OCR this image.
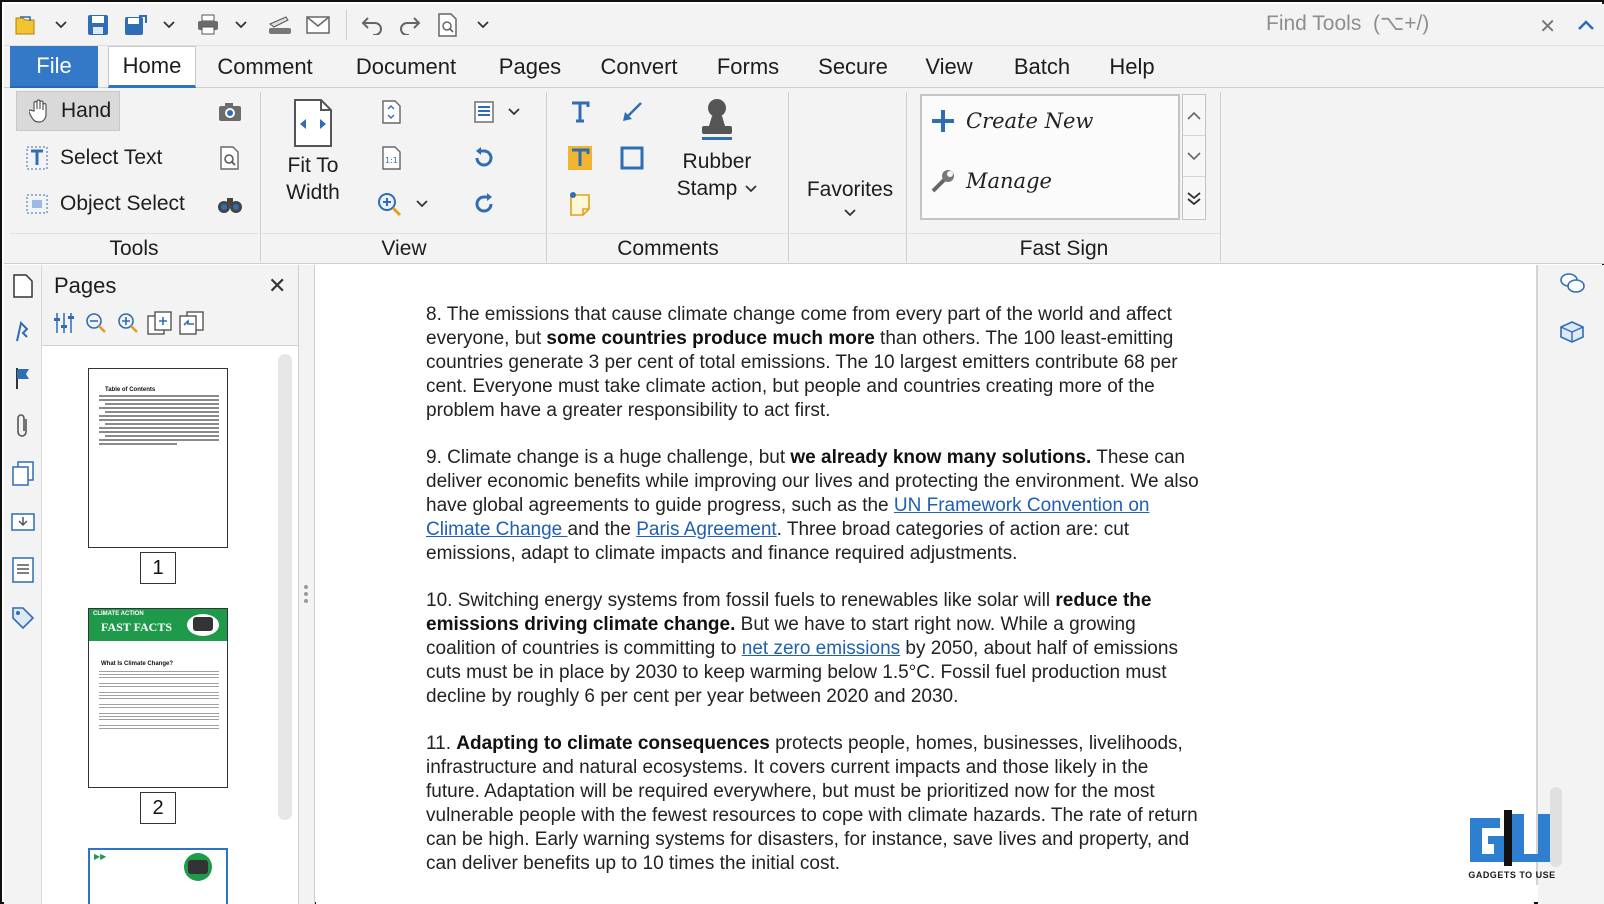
Find Tools (⌥+/)
✕
File	Home	Comment	Document	Pages	Convert	Forms	Secure	View	Batch	Help
Hand
Select Text
Object Select
Tools
Fit To
Width
1:1
View
Rubber
Stamp
Comments
Favorites
Create New
Manage
Fast Sign
Pages	✕
Table of Contents
1
CLIMATE ACTION
FAST FACTS
What Is Climate Change?
2
▶▶

8. The emissions that cause climate change come from every part of the world and affect everyone, but some countries produce much more than others. The 100 least-emitting countries generate 3 per cent of total emissions. The 10 largest emitters contribute 68 per cent. Everyone must take climate action, but people and countries creating more of the problem have a greater responsibility to act first.

9. Climate change is a huge challenge, but we already know many solutions. These can deliver economic benefits while improving our lives and protecting the environment. We also have global agreements to guide progress, such as the UN Framework Convention on Climate Change and the Paris Agreement. Three broad categories of action are: cut emissions, adapt to climate impacts and finance required adjustments.

10. Switching energy systems from fossil fuels to renewables like solar will reduce the emissions driving climate change. But we have to start right now. While a growing coalition of countries is committing to net zero emissions by 2050, about half of emissions cuts must be in place by 2030 to keep warming below 1.5°C. Fossil fuel production must decline by roughly 6 per cent per year between 2020 and 2030.

11. Adapting to climate consequences protects people, homes, businesses, livelihoods, infrastructure and natural ecosystems. It covers current impacts and those likely in the future. Adaptation will be required everywhere, but must be prioritized now for the most vulnerable people with the fewest resources to cope with climate hazards. The rate of return can be high. Early warning systems for disasters, for instance, save lives and property, and can deliver benefits up to 10 times the initial cost.

GADGETS TO USE
